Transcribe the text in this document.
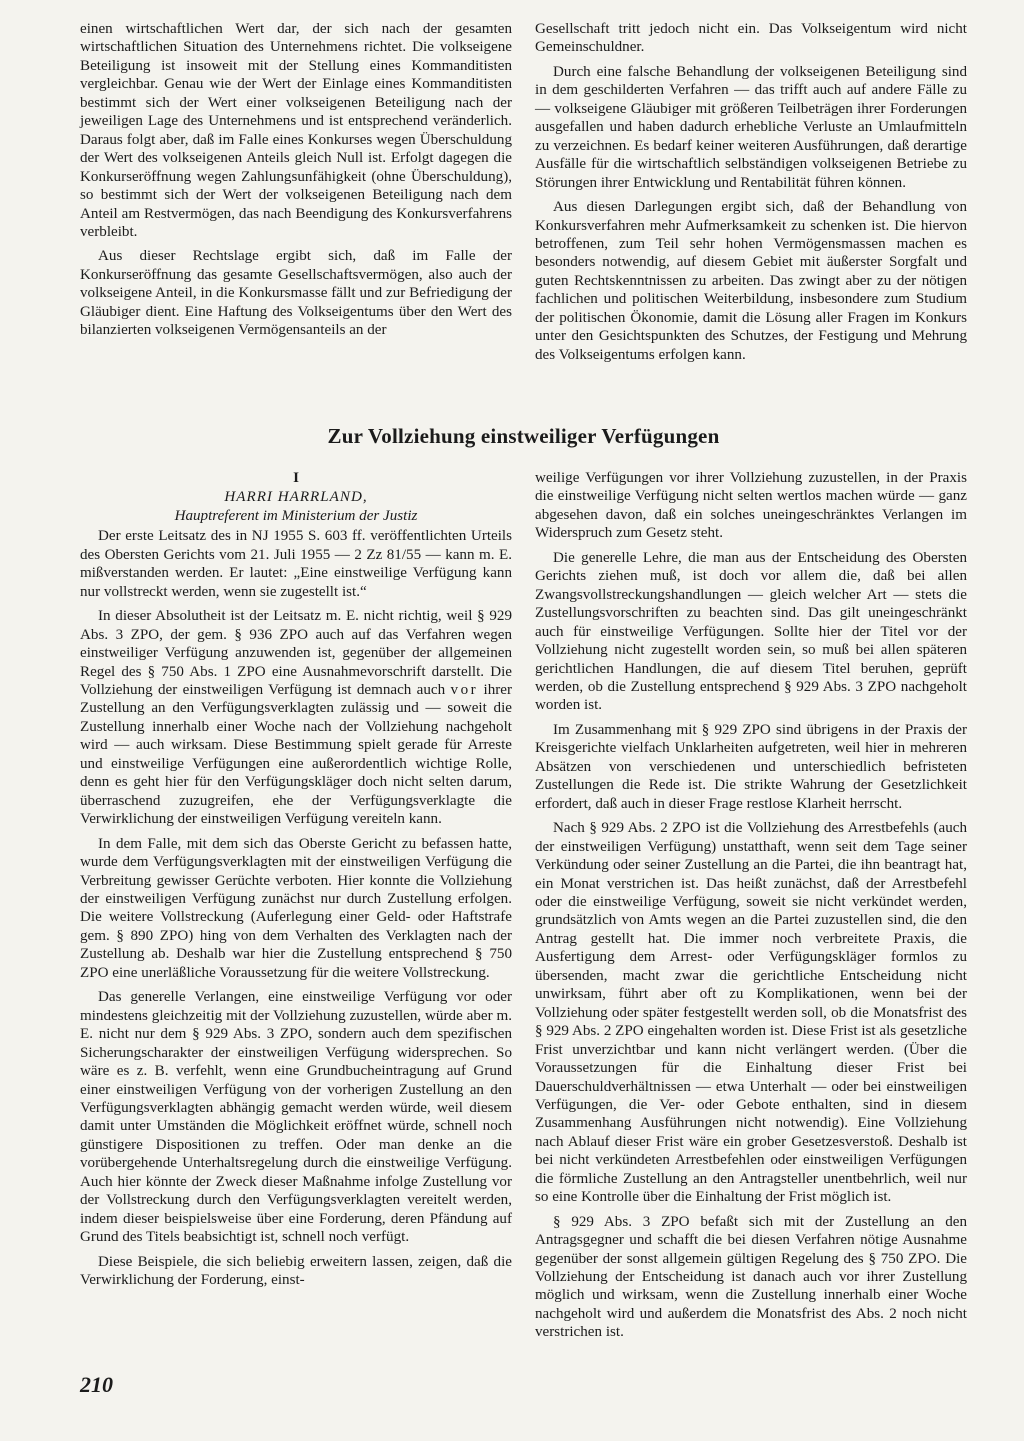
einen wirtschaftlichen Wert dar, der sich nach der gesamten wirtschaftlichen Situation des Unternehmens richtet. Die volkseigene Beteiligung ist insoweit mit der Stellung eines Kommanditisten vergleichbar. Genau wie der Wert der Einlage eines Kommanditisten bestimmt sich der Wert einer volkseigenen Beteiligung nach der jeweiligen Lage des Unternehmens und ist entsprechend veränderlich. Daraus folgt aber, daß im Falle eines Konkurses wegen Überschuldung der Wert des volkseigenen Anteils gleich Null ist. Erfolgt dagegen die Konkurseröffnung wegen Zahlungsunfähigkeit (ohne Überschuldung), so bestimmt sich der Wert der volkseigenen Beteiligung nach dem Anteil am Restvermögen, das nach Beendigung des Konkursverfahrens verbleibt.

Aus dieser Rechtslage ergibt sich, daß im Falle der Konkurseröffnung das gesamte Gesellschaftsvermögen, also auch der volkseigene Anteil, in die Konkursmasse fällt und zur Befriedigung der Gläubiger dient. Eine Haftung des Volkseigentums über den Wert des bilanzierten volkseigenen Vermögensanteils an der

Gesellschaft tritt jedoch nicht ein. Das Volkseigentum wird nicht Gemeinschuldner.

Durch eine falsche Behandlung der volkseigenen Beteiligung sind in dem geschilderten Verfahren — das trifft auch auf andere Fälle zu — volkseigene Gläubiger mit größeren Teilbeträgen ihrer Forderungen ausgefallen und haben dadurch erhebliche Verluste an Umlaufmitteln zu verzeichnen. Es bedarf keiner weiteren Ausführungen, daß derartige Ausfälle für die wirtschaftlich selbständigen volkseigenen Betriebe zu Störungen ihrer Entwicklung und Rentabilität führen können.

Aus diesen Darlegungen ergibt sich, daß der Behandlung von Konkursverfahren mehr Aufmerksamkeit zu schenken ist. Die hiervon betroffenen, zum Teil sehr hohen Vermögensmassen machen es besonders notwendig, auf diesem Gebiet mit äußerster Sorgfalt und guten Rechtskenntnissen zu arbeiten. Das zwingt aber zu der nötigen fachlichen und politischen Weiterbildung, insbesondere zum Studium der politischen Ökonomie, damit die Lösung aller Fragen im Konkurs unter den Gesichtspunkten des Schutzes, der Festigung und Mehrung des Volkseigentums erfolgen kann.

Zur Vollziehung einstweiliger Verfügungen
I
HARRI HARRLAND,
Hauptreferent im Ministerium der Justiz

Der erste Leitsatz des in NJ 1955 S. 603 ff. veröffentlichten Urteils des Obersten Gerichts vom 21. Juli 1955 — 2 Zz 81/55 — kann m. E. mißverstanden werden. Er lautet: „Eine einstweilige Verfügung kann nur vollstreckt werden, wenn sie zugestellt ist.“

In dieser Absolutheit ist der Leitsatz m. E. nicht richtig, weil § 929 Abs. 3 ZPO, der gem. § 936 ZPO auch auf das Verfahren wegen einstweiliger Verfügung anzuwenden ist, gegenüber der allgemeinen Regel des § 750 Abs. 1 ZPO eine Ausnahmevorschrift darstellt. Die Vollziehung der einstweiligen Verfügung ist demnach auch vor ihrer Zustellung an den Verfügungsverklagten zulässig und — soweit die Zustellung innerhalb einer Woche nach der Vollziehung nachgeholt wird — auch wirksam. Diese Bestimmung spielt gerade für Arreste und einstweilige Verfügungen eine außerordentlich wichtige Rolle, denn es geht hier für den Verfügungskläger doch nicht selten darum, überraschend zuzugreifen, ehe der Verfügungsverklagte die Verwirklichung der einstweiligen Verfügung vereiteln kann.

In dem Falle, mit dem sich das Oberste Gericht zu befassen hatte, wurde dem Verfügungsverklagten mit der einstweiligen Verfügung die Verbreitung gewisser Gerüchte verboten. Hier konnte die Vollziehung der einstweiligen Verfügung zunächst nur durch Zustellung erfolgen. Die weitere Vollstreckung (Auferlegung einer Geld- oder Haftstrafe gem. § 890 ZPO) hing von dem Verhalten des Verklagten nach der Zustellung ab. Deshalb war hier die Zustellung entsprechend § 750 ZPO eine unerläßliche Voraussetzung für die weitere Vollstreckung.

Das generelle Verlangen, eine einstweilige Verfügung vor oder mindestens gleichzeitig mit der Vollziehung zuzustellen, würde aber m. E. nicht nur dem § 929 Abs. 3 ZPO, sondern auch dem spezifischen Sicherungscharakter der einstweiligen Verfügung widersprechen. So wäre es z. B. verfehlt, wenn eine Grundbucheintragung auf Grund einer einstweiligen Verfügung von der vorherigen Zustellung an den Verfügungsverklagten abhängig gemacht werden würde, weil diesem damit unter Umständen die Möglichkeit eröffnet würde, schnell noch günstigere Dispositionen zu treffen. Oder man denke an die vorübergehende Unterhaltsregelung durch die einstweilige Verfügung. Auch hier könnte der Zweck dieser Maßnahme infolge Zustellung vor der Vollstreckung durch den Verfügungsverklagten vereitelt werden, indem dieser beispielsweise über eine Forderung, deren Pfändung auf Grund des Titels beabsichtigt ist, schnell noch verfügt.

Diese Beispiele, die sich beliebig erweitern lassen, zeigen, daß die Verwirklichung der Forderung, einst-

weilige Verfügungen vor ihrer Vollziehung zuzustellen, in der Praxis die einstweilige Verfügung nicht selten wertlos machen würde — ganz abgesehen davon, daß ein solches uneingeschränktes Verlangen im Widerspruch zum Gesetz steht.

Die generelle Lehre, die man aus der Entscheidung des Obersten Gerichts ziehen muß, ist doch vor allem die, daß bei allen Zwangsvollstreckungshandlungen — gleich welcher Art — stets die Zustellungsvorschriften zu beachten sind. Das gilt uneingeschränkt auch für einstweilige Verfügungen. Sollte hier der Titel vor der Vollziehung nicht zugestellt worden sein, so muß bei allen späteren gerichtlichen Handlungen, die auf diesem Titel beruhen, geprüft werden, ob die Zustellung entsprechend § 929 Abs. 3 ZPO nachgeholt worden ist.

Im Zusammenhang mit § 929 ZPO sind übrigens in der Praxis der Kreisgerichte vielfach Unklarheiten aufgetreten, weil hier in mehreren Absätzen von verschiedenen und unterschiedlich befristeten Zustellungen die Rede ist. Die strikte Wahrung der Gesetzlichkeit erfordert, daß auch in dieser Frage restlose Klarheit herrscht.

Nach § 929 Abs. 2 ZPO ist die Vollziehung des Arrestbefehls (auch der einstweiligen Verfügung) unstatthaft, wenn seit dem Tage seiner Verkündung oder seiner Zustellung an die Partei, die ihn beantragt hat, ein Monat verstrichen ist. Das heißt zunächst, daß der Arrestbefehl oder die einstweilige Verfügung, soweit sie nicht verkündet werden, grundsätzlich von Amts wegen an die Partei zuzustellen sind, die den Antrag gestellt hat. Die immer noch verbreitete Praxis, die Ausfertigung dem Arrest- oder Verfügungskläger formlos zu übersenden, macht zwar die gerichtliche Entscheidung nicht unwirksam, führt aber oft zu Komplikationen, wenn bei der Vollziehung oder später festgestellt werden soll, ob die Monatsfrist des § 929 Abs. 2 ZPO eingehalten worden ist. Diese Frist ist als gesetzliche Frist unverzichtbar und kann nicht verlängert werden. (Über die Voraussetzungen für die Einhaltung dieser Frist bei Dauerschuldverhältnissen — etwa Unterhalt — oder bei einstweiligen Verfügungen, die Ver- oder Gebote enthalten, sind in diesem Zusammenhang Ausführungen nicht notwendig). Eine Vollziehung nach Ablauf dieser Frist wäre ein grober Gesetzesverstoß. Deshalb ist bei nicht verkündeten Arrestbefehlen oder einstweiligen Verfügungen die förmliche Zustellung an den Antragsteller unentbehrlich, weil nur so eine Kontrolle über die Einhaltung der Frist möglich ist.

§ 929 Abs. 3 ZPO befaßt sich mit der Zustellung an den Antragsgegner und schafft die bei diesen Verfahren nötige Ausnahme gegenüber der sonst allgemein gültigen Regelung des § 750 ZPO. Die Vollziehung der Entscheidung ist danach auch vor ihrer Zustellung möglich und wirksam, wenn die Zustellung innerhalb einer Woche nachgeholt wird und außerdem die Monatsfrist des Abs. 2 noch nicht verstrichen ist.

210
